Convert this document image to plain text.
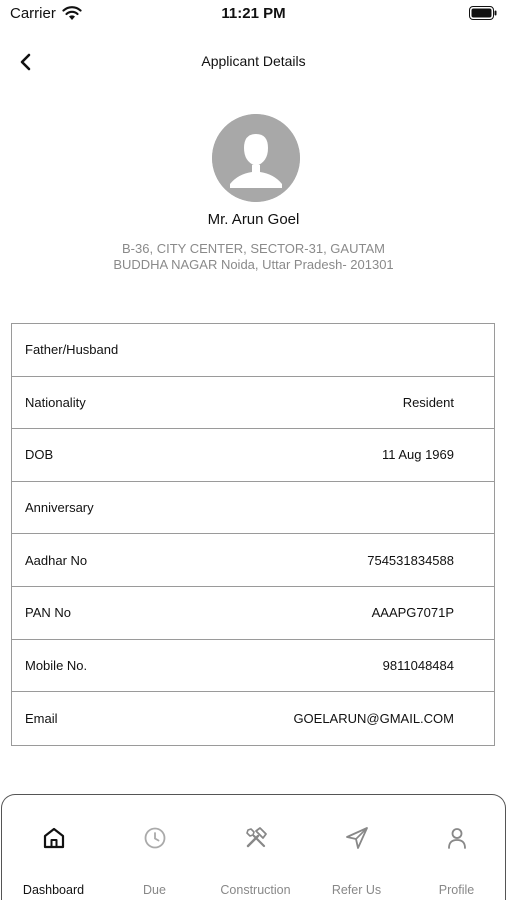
Carrier	11:21 PM
Applicant Details
Mr. Arun Goel
B-36, CITY CENTER, SECTOR-31, GAUTAM
BUDDHA NAGAR Noida, Uttar Pradesh- 201301
Father/Husband
Nationality	Resident
DOB	11 Aug 1969
Anniversary
Aadhar No	754531834588
PAN No	AAAPG7071P
Mobile No.	9811048484
Email	GOELARUN@GMAIL.COM
Dashboard	Due	Construction	Refer Us	Profile
